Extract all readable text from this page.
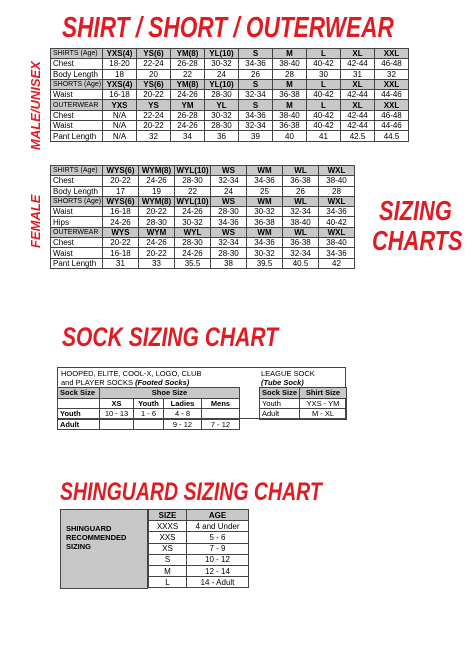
SHIRT / SHORT / OUTERWEAR
SIZING
CHARTS
SOCK SIZING CHART
SHINGUARD SIZING CHART
MALE/UNISEX
FEMALE
SHIRTS (Age)	YXS(4)	YS(6)	YM(8)	YL(10)	S	M	L	XL	XXL
Chest	18-20	22-24	26-28	30-32	34-36	38-40	40-42	42-44	46-48
Body Length	18	20	22	24	26	28	30	31	32
SHORTS (Age)	YXS(4)	YS(6)	YM(8)	YL(10)	S	M	L	XL	XXL
Waist	16-18	20-22	24-26	28-30	32-34	36-38	40-42	42-44	44-46
OUTERWEAR	YXS	YS	YM	YL	S	M	L	XL	XXL
Chest	N/A	22-24	26-28	30-32	34-36	38-40	40-42	42-44	46-48
Waist	N/A	20-22	24-26	28-30	32-34	36-38	40-42	42-44	44-46
Pant Length	N/A	32	34	36	39	40	41	42.5	44.5
SHIRTS (Age)	WYS(6)	WYM(8)	WYL(10)	WS	WM	WL	WXL
Chest	20-22	24-26	28-30	32-34	34-36	36-38	38-40
Body Length	17	19	22	24	25	26	28
SHORTS (Age)	WYS(6)	WYM(8)	WYL(10)	WS	WM	WL	WXL
Waist	16-18	20-22	24-26	28-30	30-32	32-34	34-36
Hips	24-26	28-30	30-32	34-36	36-38	38-40	40-42
OUTERWEAR	WYS	WYM	WYL	WS	WM	WL	WXL
Chest	20-22	24-26	28-30	32-34	34-36	36-38	38-40
Waist	16-18	20-22	24-26	28-30	30-32	32-34	34-36
Pant Length	31	33	35.5	38	39.5	40.5	42
HOOPED, ELITE, COOL-X, LOGO, CLUB
and PLAYER SOCKS (Footed Socks)
LEAGUE SOCK
(Tube Sock)
Sock Size	Shoe Size			
	XS	Youth	Ladies	Mens
Youth	10 - 13	1 - 6	4 - 8	
Adult			9 - 12	7 - 12
Sock Size	Shirt Size
Youth	YXS - YM
Adult	M - XL
SHINGUARD
RECOMMENDED
SIZING
SIZE	AGE
XXXS	4 and Under
XXS	5 - 6
XS	7 - 9
S	10 - 12
M	12 - 14
L	14 - Adult
